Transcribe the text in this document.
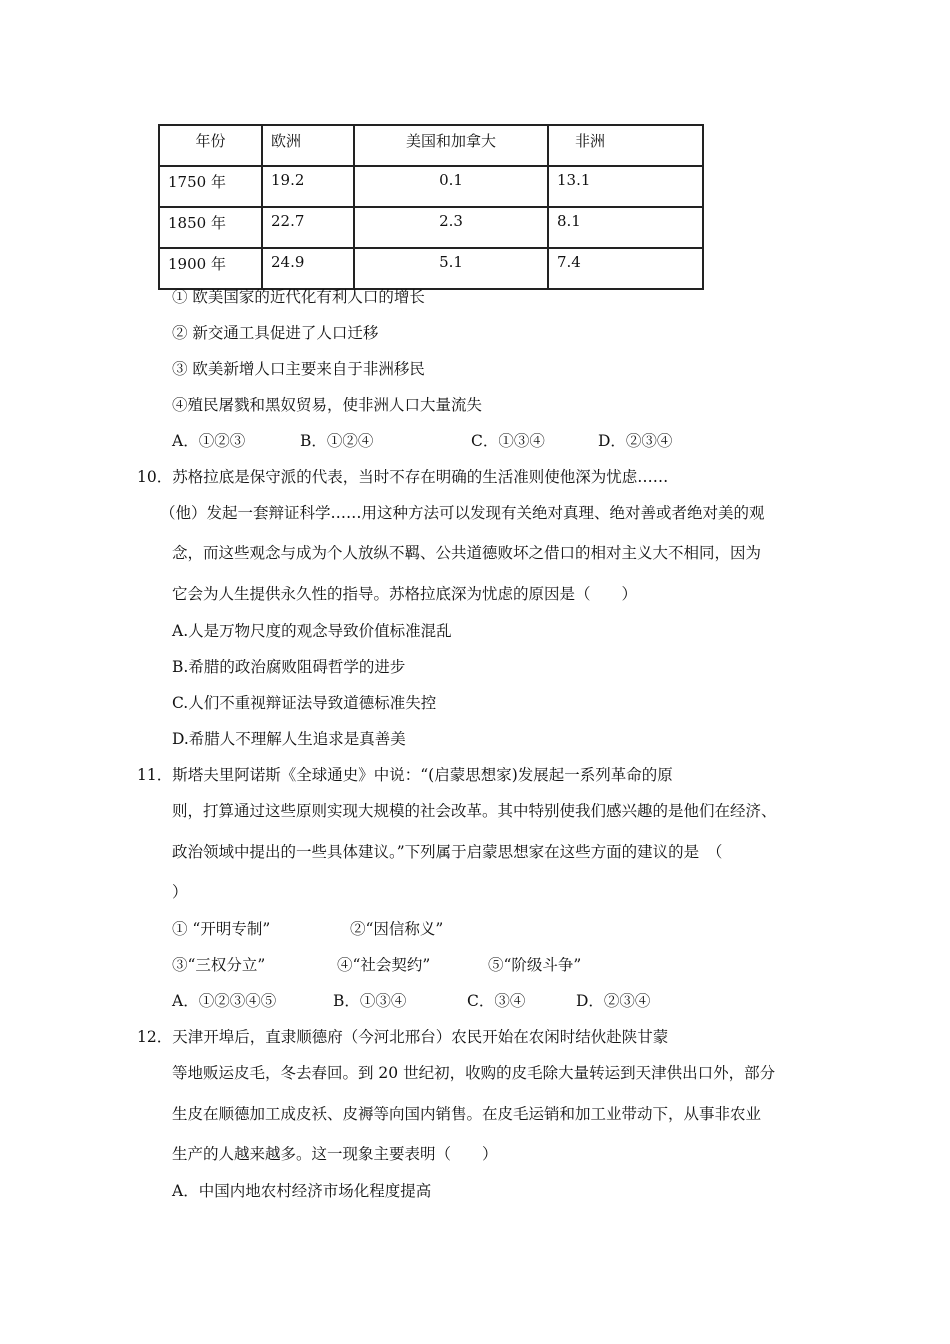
年份	欧洲	美国和加拿大	非洲
1750 年	19.2	0.1	13.1
1850 年	22.7	2.3	8.1
1900 年	24.9	5.1	7.4
① 欧美国家的近代化有利人口的增长
② 新交通工具促进了人口迁移
③ 欧美新增人口主要来自于非洲移民
④殖民屠戮和黑奴贸易，使非洲人口大量流失
A．①②③	B．①②④	C．①③④	D．②③④
10．苏格拉底是保守派的代表，当时不存在明确的生活准则使他深为忧虑……
（他）发起一套辩证科学……用这种方法可以发现有关绝对真理、绝对善或者绝对美的观
念，而这些观念与成为个人放纵不羁、公共道德败坏之借口的相对主义大不相同，因为
它会为人生提供永久性的指导。苏格拉底深为忧虑的原因是（　　）
A.人是万物尺度的观念导致价值标准混乱
B.希腊的政治腐败阻碍哲学的进步
C.人们不重视辩证法导致道德标准失控
D.希腊人不理解人生追求是真善美
11．斯塔夫里阿诺斯《全球通史》中说：“(启蒙思想家)发展起一系列革命的原
则，打算通过这些原则实现大规模的社会改革。其中特别使我们感兴趣的是他们在经济、
政治领域中提出的一些具体建议。”下列属于启蒙思想家在这些方面的建议的是　（
）
① “开明专制”	②“因信称义”
③“三权分立”	④“社会契约”	⑤“阶级斗争”
A．①②③④⑤	B．①③④	C．③④	D．②③④
12．天津开埠后，直隶顺德府（今河北邢台）农民开始在农闲时结伙赴陕甘蒙
等地贩运皮毛，冬去春回。到 20 世纪初，收购的皮毛除大量转运到天津供出口外，部分
生皮在顺德加工成皮袄、皮褥等向国内销售。在皮毛运销和加工业带动下，从事非农业
生产的人越来越多。这一现象主要表明（　　）
A．中国内地农村经济市场化程度提高
